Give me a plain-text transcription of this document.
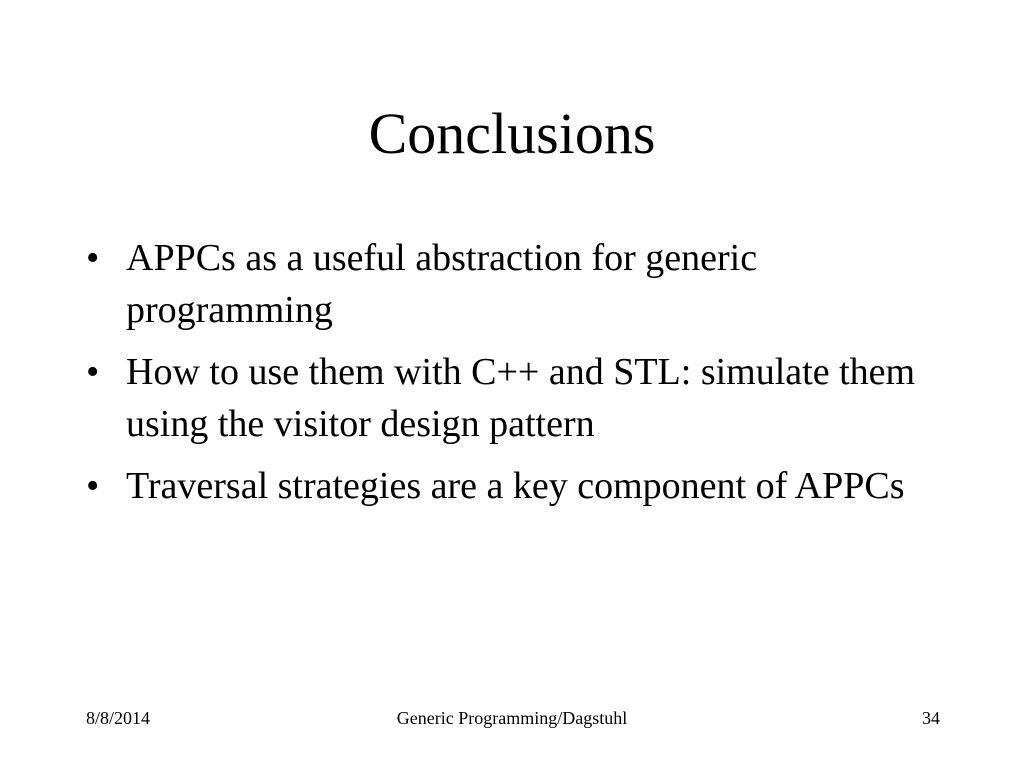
Conclusions
• APPCs as a useful abstraction for generic programming
• How to use them with C++ and STL: simulate them using the visitor design pattern
• Traversal strategies are a key component of APPCs
8/8/2014	Generic Programming/Dagstuhl	34
